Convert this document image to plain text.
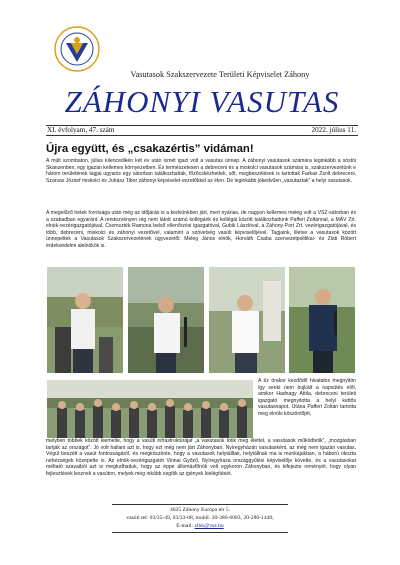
Vasutasok Szakszervezete Területi Képviselet Záhony
ZÁHONYI VASUTAS
XI. évfolyam, 47. szám	2022. július 11.
Újra együtt, és „csakazértis” vidáman!
A múlt szombaton, július kilencedikén két év után ismét igazi volt a vasutas ünnep. A záhonyi vasutasok számára leginkább a sóstói Skanzenben, egy igazán kellemes környezetben. És természetesen a debreceni és a miskolci vasutasok számára is, szakszervezetünk e három területének tagjai ugyanis egy sátorban találkozhattak, főzőcskézhettek, sőt, megbeszélések is tartottak Farkas Zsolt debreceni, Szarvas József miskolci és Juhász Tibor záhonyi képviselet-vezetőkkel az élen. De leginkább jókedvűen „vasutaztak” a helyi vasutasok.
A megelőző hetek forrósága után még az időjárás is a kedvünkben járt, mert nyárias, de nagyon kellemes meleg volt a VSZ-sátorban és a szabadban egyaránt. A rendezvényen rég nem látott számú kollégánk és kollégái között találkozhattunk Pafferi Zoltánnal, a MÁV Zrt. elnök-vezérigazgatójával, Csomszték Ramona belső ellenőrzési igazgatóval, Gubik Lászlóval, a Záhony-Port Zrt. vezérigazgatójával, és több, debreceni, miskolci és záhonyi vezetővel, valamint a szövetség vasúti képviselőjével. Tagjaink, illetve a vasutasok között ünnepeltek a Vasutasok Szakszervezetének ügyvezetői: Meleg János elnök, Horváth Csaba szervezetpolitikai- és Zlati Róbert érdekvédelmi alelnökök is.
A tíz órakor kezdődő hivatalos megnyitón így senki nem bujkált a napsütés elől, amikor Hadnagy Attila, debreceni területi igazgató megnyitotta a helyi kettős vasutasnapot. Utána Pafferi Zoltán tartotta meg elnöki köszöntőjét,
melyben többek között kiemelte, hogy a vasúti infrastruktúrájat „a vasutasok tötik meg élettel, a vasutasok működtetik”, „mozgásban tartják az országot”. Jó volt hallani azt is, hogy ezt még nem járt Záhonyban, Nyíregyházán vasutasként, az még nem igazán vasutas. Végül beszélt a vasút fontosságáról, és megköszönte, hogy a vasutasok helytálltak, helytállnak ma is munkájukban, a háború okozta nehézségek közepette is. Az elnök-vezérigazgatót Vinnai Győző, Nyíregyháza országgyűlési képviselője követte, és a vasutasokat méltató szavaiból azt is megtudhattuk, hogy az éppe állomásfőnök volt egykoron Záhonyban, és kifejezte reményét, hogy olyan fejlesztések lesznek a vasúton, melyek még inkább segítik az igények kielégítését.
4625 Záhony Európa tér 5.
vasúti tel: 03/35-49, 03/33-08, mobil: 30-386-6083, 20-286-1440,
E-mail: zlhk@vsz.hu
